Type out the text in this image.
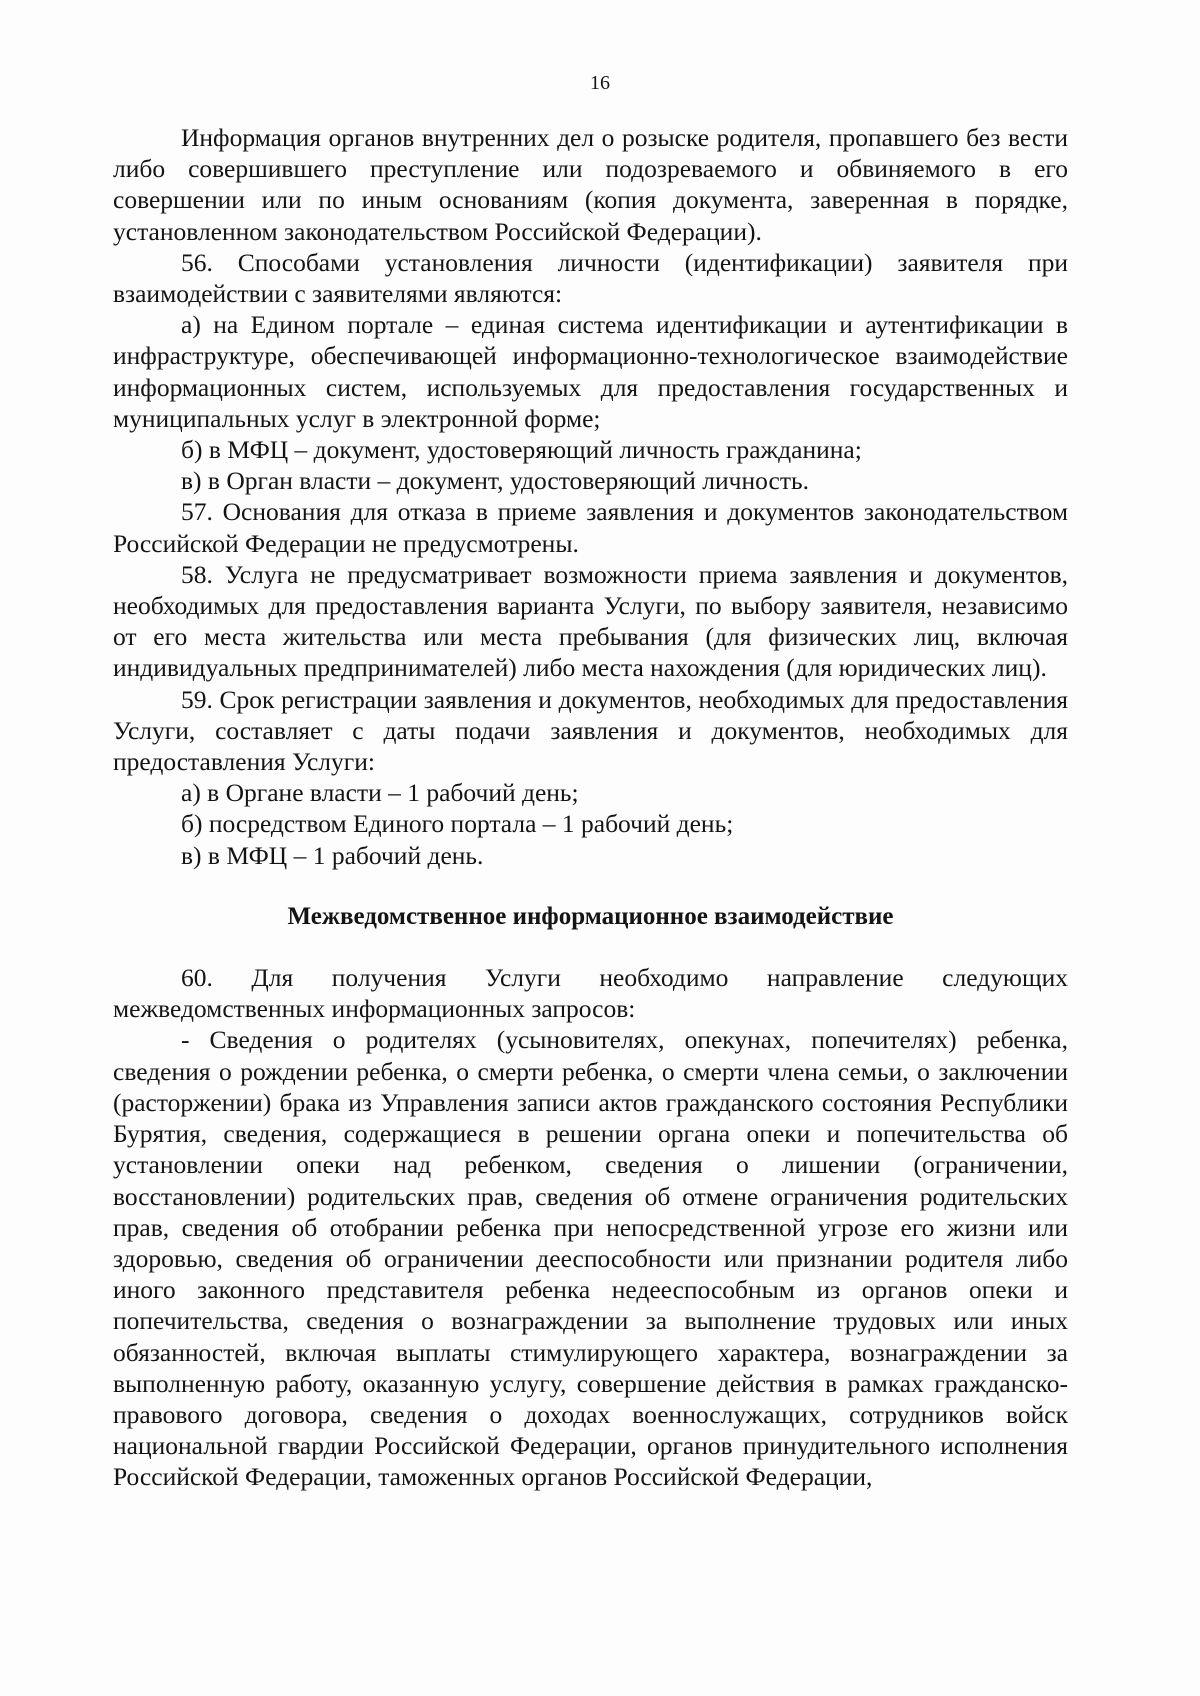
16

Информация органов внутренних дел о розыске родителя, пропавшего без вести либо совершившего преступление или подозреваемого и обвиняемого в его совершении или по иным основаниям (копия документа, заверенная в порядке, установленном законодательством Российской Федерации).

56. Способами установления личности (идентификации) заявителя при взаимодействии с заявителями являются:

а) на Едином портале – единая система идентификации и аутентификации в инфраструктуре, обеспечивающей информационно-технологическое взаимодействие информационных систем, используемых для предоставления государственных и муниципальных услуг в электронной форме;

б) в МФЦ – документ, удостоверяющий личность гражданина;

в) в Орган власти – документ, удостоверяющий личность.

57. Основания для отказа в приеме заявления и документов законодательством Российской Федерации не предусмотрены.

58. Услуга не предусматривает возможности приема заявления и документов, необходимых для предоставления варианта Услуги, по выбору заявителя, независимо от его места жительства или места пребывания (для физических лиц, включая индивидуальных предпринимателей) либо места нахождения (для юридических лиц).

59. Срок регистрации заявления и документов, необходимых для предоставления Услуги, составляет с даты подачи заявления и документов, необходимых для предоставления Услуги:

а) в Органе власти – 1 рабочий день;

б) посредством Единого портала – 1 рабочий день;

в) в МФЦ – 1 рабочий день.

Межведомственное информационное взаимодействие

60. Для получения Услуги необходимо направление следующих межведомственных информационных запросов:

- Сведения о родителях (усыновителях, опекунах, попечителях) ребенка, сведения о рождении ребенка, о смерти ребенка, о смерти члена семьи, о заключении (расторжении) брака из Управления записи актов гражданского состояния Республики Бурятия, сведения, содержащиеся в решении органа опеки и попечительства об установлении опеки над ребенком, сведения о лишении (ограничении, восстановлении) родительских прав, сведения об отмене ограничения родительских прав, сведения об отобрании ребенка при непосредственной угрозе его жизни или здоровью, сведения об ограничении дееспособности или признании родителя либо иного законного представителя ребенка недееспособным из органов опеки и попечительства, сведения о вознаграждении за выполнение трудовых или иных обязанностей, включая выплаты стимулирующего характера, вознаграждении за выполненную работу, оказанную услугу, совершение действия в рамках гражданско-правового договора, сведения о доходах военнослужащих, сотрудников войск национальной гвардии Российской Федерации, органов принудительного исполнения Российской Федерации, таможенных органов Российской Федерации,
